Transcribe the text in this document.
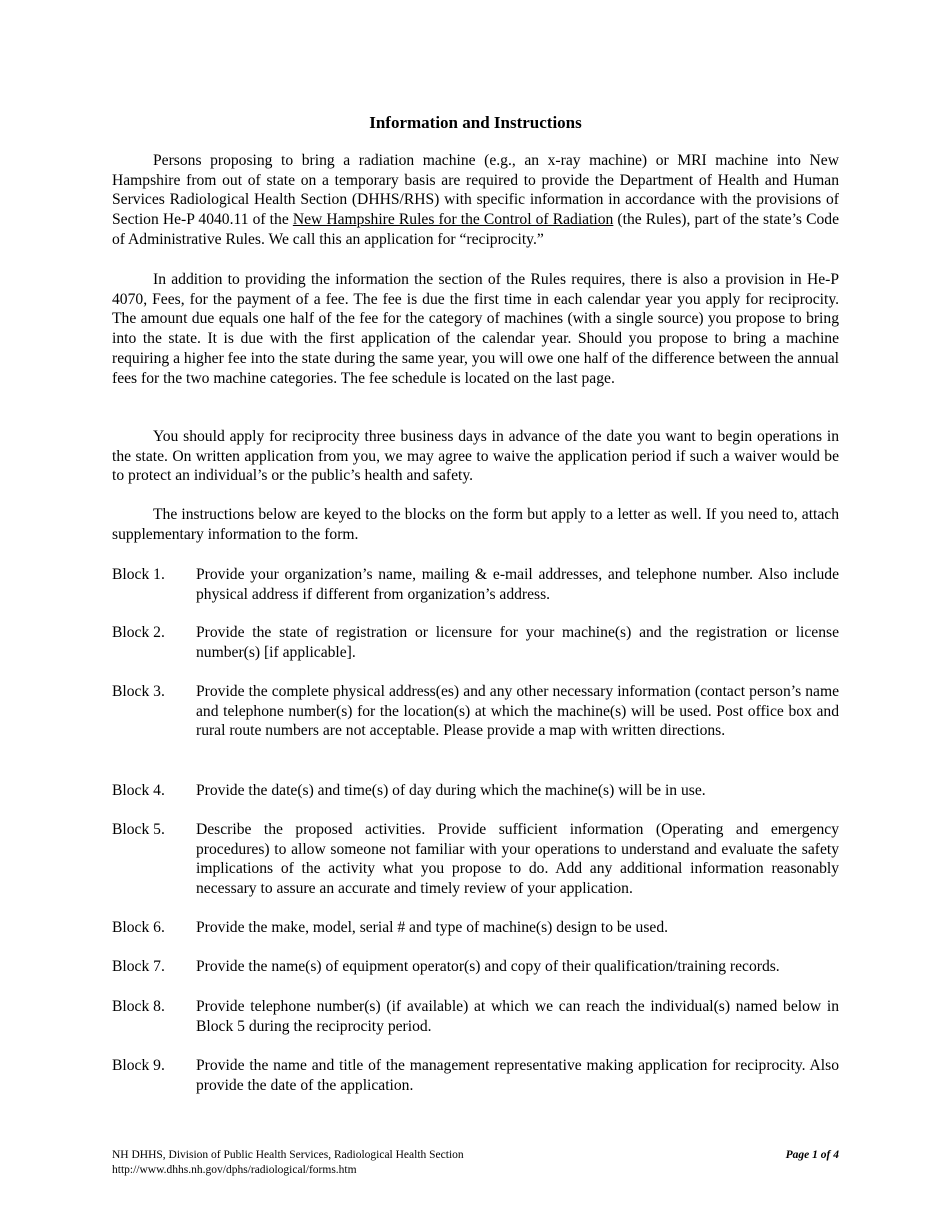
Information and Instructions

Persons proposing to bring a radiation machine (e.g., an x-ray machine) or MRI machine into New Hampshire from out of state on a temporary basis are required to provide the Department of Health and Human Services Radiological Health Section (DHHS/RHS) with specific information in accordance with the provisions of Section He-P 4040.11 of the New Hampshire Rules for the Control of Radiation (the Rules), part of the state’s Code of Administrative Rules. We call this an application for “reciprocity.”

In addition to providing the information the section of the Rules requires, there is also a provision in He-P 4070, Fees, for the payment of a fee. The fee is due the first time in each calendar year you apply for reciprocity. The amount due equals one half of the fee for the category of machines (with a single source) you propose to bring into the state. It is due with the first application of the calendar year. Should you propose to bring a machine requiring a higher fee into the state during the same year, you will owe one half of the difference between the annual fees for the two machine categories. The fee schedule is located on the last page.

You should apply for reciprocity three business days in advance of the date you want to begin operations in the state. On written application from you, we may agree to waive the application period if such a waiver would be to protect an individual’s or the public’s health and safety.

The instructions below are keyed to the blocks on the form but apply to a letter as well. If you need to, attach supplementary information to the form.

Block 1.	Provide your organization’s name, mailing & e-mail addresses, and telephone number. Also include physical address if different from organization’s address.
Block 2.	Provide the state of registration or licensure for your machine(s) and the registration or license number(s) [if applicable].
Block 3.	Provide the complete physical address(es) and any other necessary information (contact person’s name and telephone number(s) for the location(s) at which the machine(s) will be used. Post office box and rural route numbers are not acceptable. Please provide a map with written directions.
Block 4.	Provide the date(s) and time(s) of day during which the machine(s) will be in use.
Block 5.	Describe the proposed activities. Provide sufficient information (Operating and emergency procedures) to allow someone not familiar with your operations to understand and evaluate the safety implications of the activity what you propose to do. Add any additional information reasonably necessary to assure an accurate and timely review of your application.
Block 6.	Provide the make, model, serial # and type of machine(s) design to be used.
Block 7.	Provide the name(s) of equipment operator(s) and copy of their qualification/training records.
Block 8.	Provide telephone number(s) (if available) at which we can reach the individual(s) named below in Block 5 during the reciprocity period.
Block 9.	Provide the name and title of the management representative making application for reciprocity. Also provide the date of the application.
NH DHHS, Division of Public Health Services, Radiological Health Section
http://www.dhhs.nh.gov/dphs/radiological/forms.htm
Page 1 of 4
